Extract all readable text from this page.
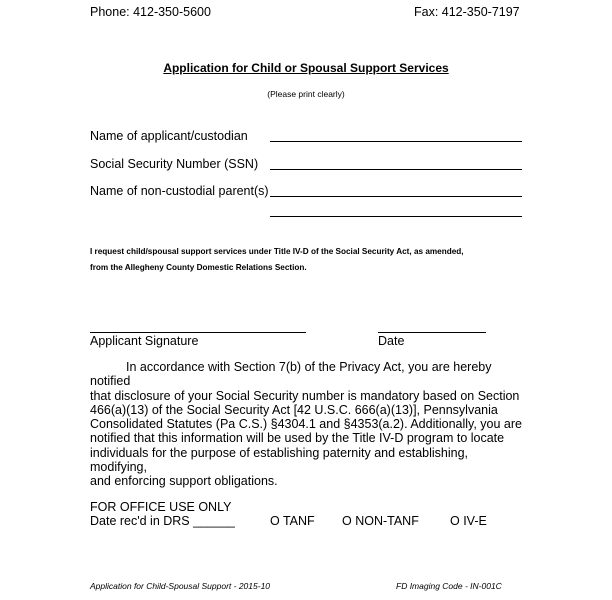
Phone: 412-350-5600	Fax: 412-350-7197
Application for Child or Spousal Support Services
(Please print clearly)
Name of applicant/custodian
Social Security Number (SSN)
Name of non-custodial parent(s)
I request child/spousal support services under Title IV-D of the Social Security Act, as amended,
from the Allegheny County Domestic Relations Section.
Applicant Signature	Date
In accordance with Section 7(b) of the Privacy Act, you are hereby notified
that disclosure of your Social Security number is mandatory based on Section
466(a)(13) of the Social Security Act [42 U.S.C. 666(a)(13)], Pennsylvania
Consolidated Statutes (Pa C.S.) §4304.1 and §4353(a.2). Additionally, you are
notified that this information will be used by the Title IV-D program to locate
individuals for the purpose of establishing paternity and establishing, modifying,
and enforcing support obligations.
FOR OFFICE USE ONLY
Date rec'd in DRS ______	O TANF O NON-TANF O IV-E
Application for Child-Spousal Support - 2015-10	FD Imaging Code - IN-001C
